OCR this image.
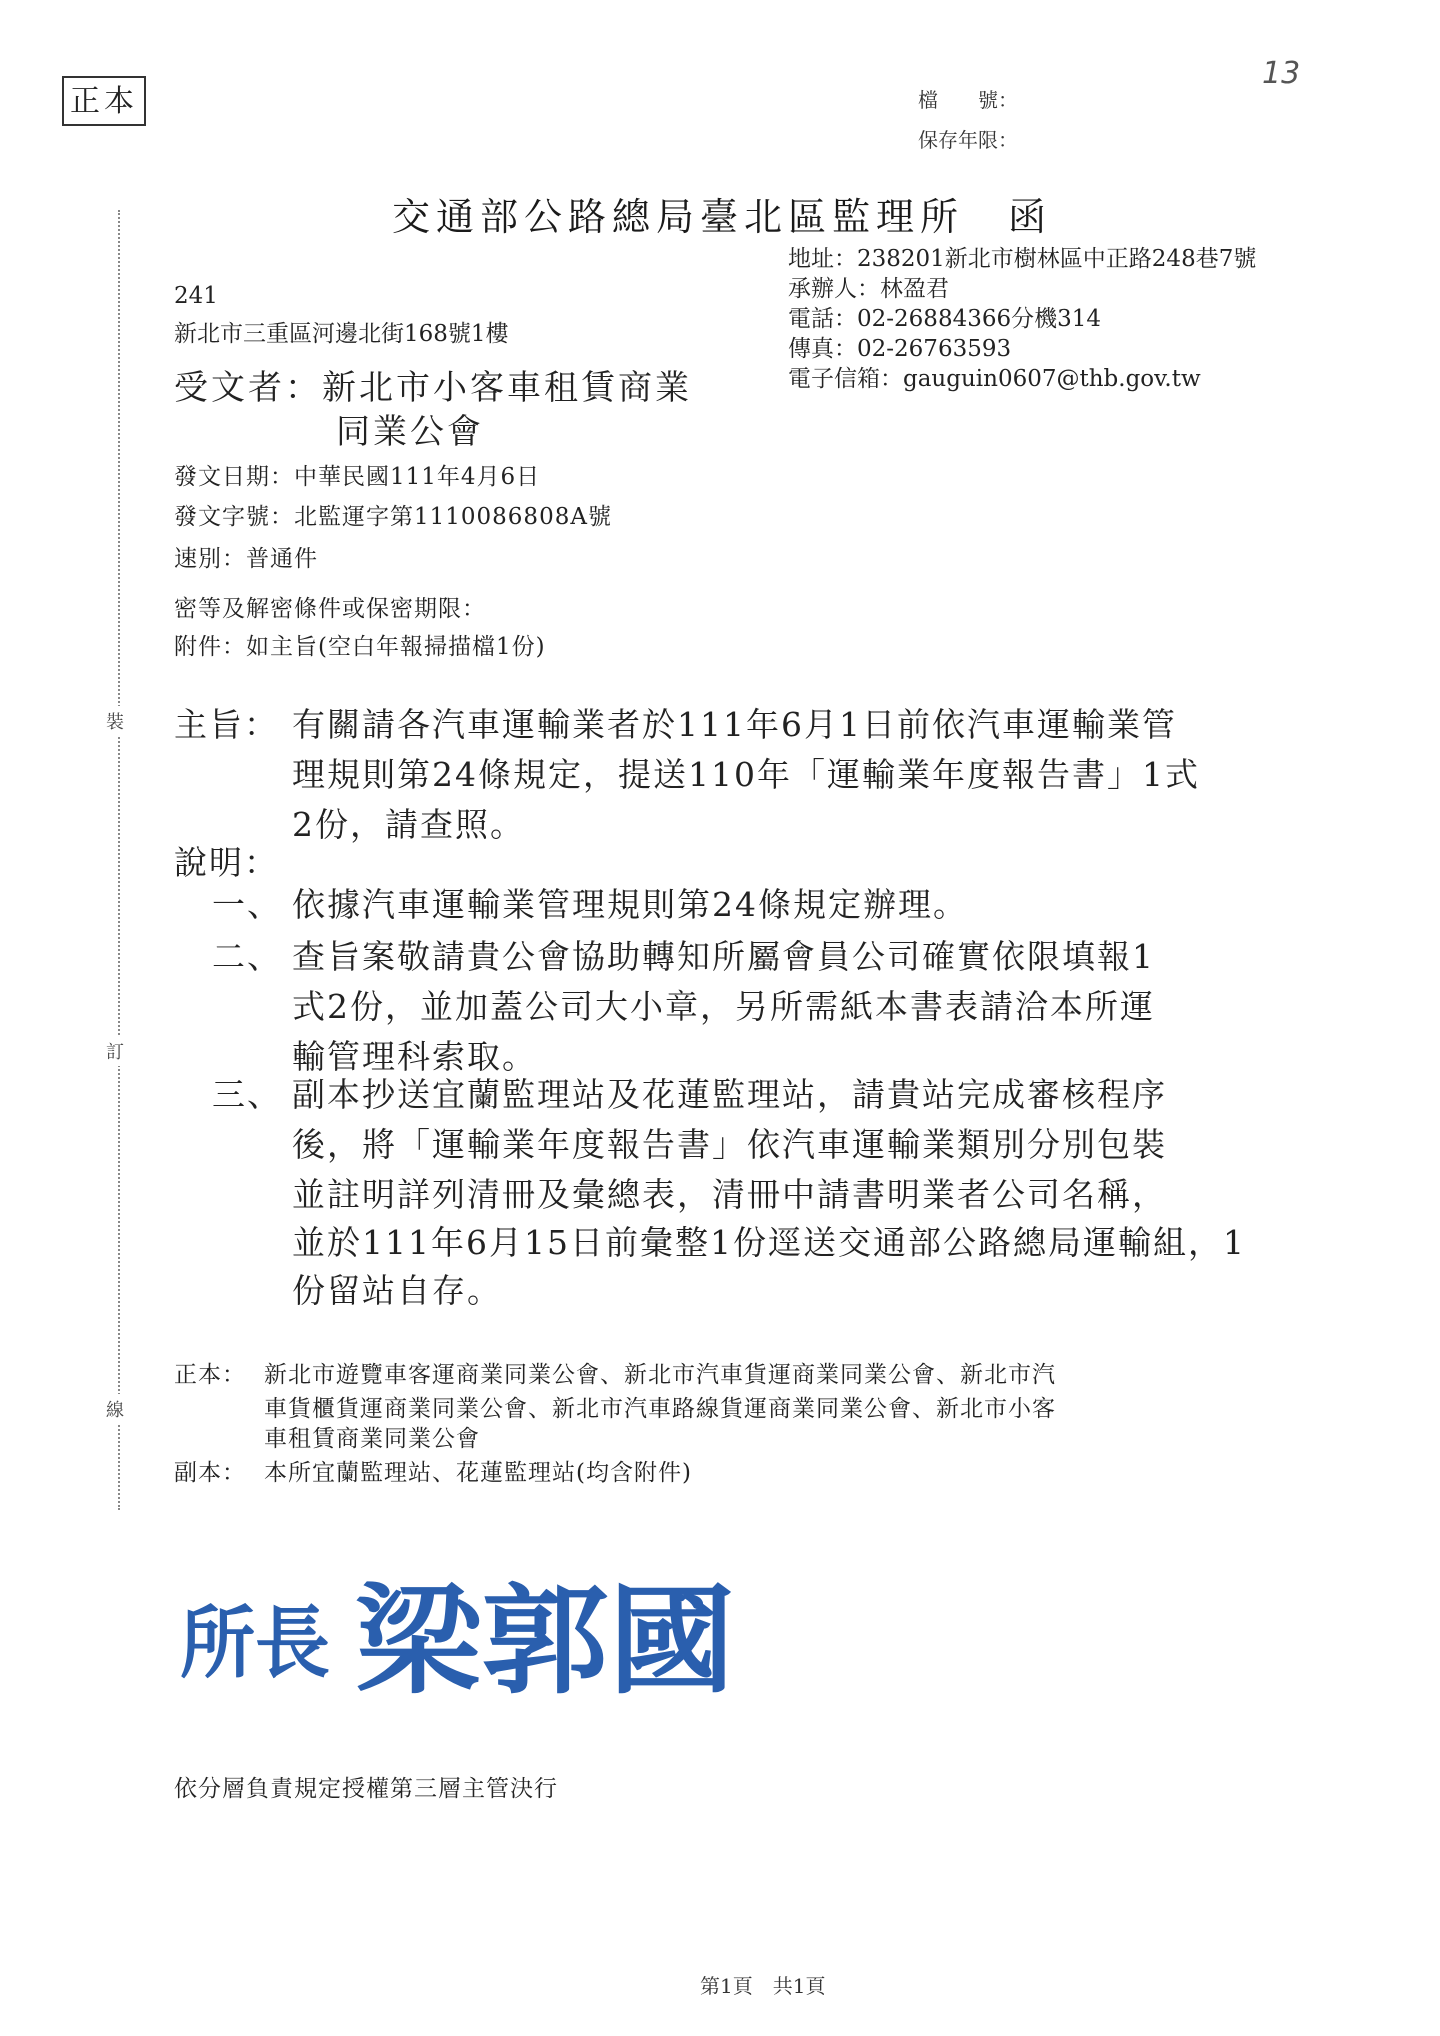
正本
13
檔　　號：
保存年限：
交通部公路總局臺北區監理所　函
裝
訂
線
地址：238201新北市樹林區中正路248巷7號
承辦人：林盈君
電話：02-26884366分機314
傳真：02-26763593
電子信箱：gauguin0607@thb.gov.tw
241
新北市三重區河邊北街168號1樓
受文者：新北市小客車租賃商業
同業公會
發文日期：中華民國111年4月6日
發文字號：北監運字第1110086808A號
速別：普通件
密等及解密條件或保密期限：
附件：如主旨(空白年報掃描檔1份)
主旨： 有關請各汽車運輸業者於111年6月1日前依汽車運輸業管
理規則第24條規定，提送110年「運輸業年度報告書」1式
2份，請查照。
說明：
一、 依據汽車運輸業管理規則第24條規定辦理。
二、 查旨案敬請貴公會協助轉知所屬會員公司確實依限填報1
式2份，並加蓋公司大小章，另所需紙本書表請洽本所運
輸管理科索取。
三、 副本抄送宜蘭監理站及花蓮監理站，請貴站完成審核程序
後，將「運輸業年度報告書」依汽車運輸業類別分別包裝
並註明詳列清冊及彙總表，清冊中請書明業者公司名稱，
並於111年6月15日前彙整1份逕送交通部公路總局運輸組，1
份留站自存。
正本： 新北市遊覽車客運商業同業公會、新北市汽車貨運商業同業公會、新北市汽
車貨櫃貨運商業同業公會、新北市汽車路線貨運商業同業公會、新北市小客
車租賃商業同業公會
副本： 本所宜蘭監理站、花蓮監理站(均含附件)
所長 梁郭國
依分層負責規定授權第三層主管決行
第1頁　共1頁
